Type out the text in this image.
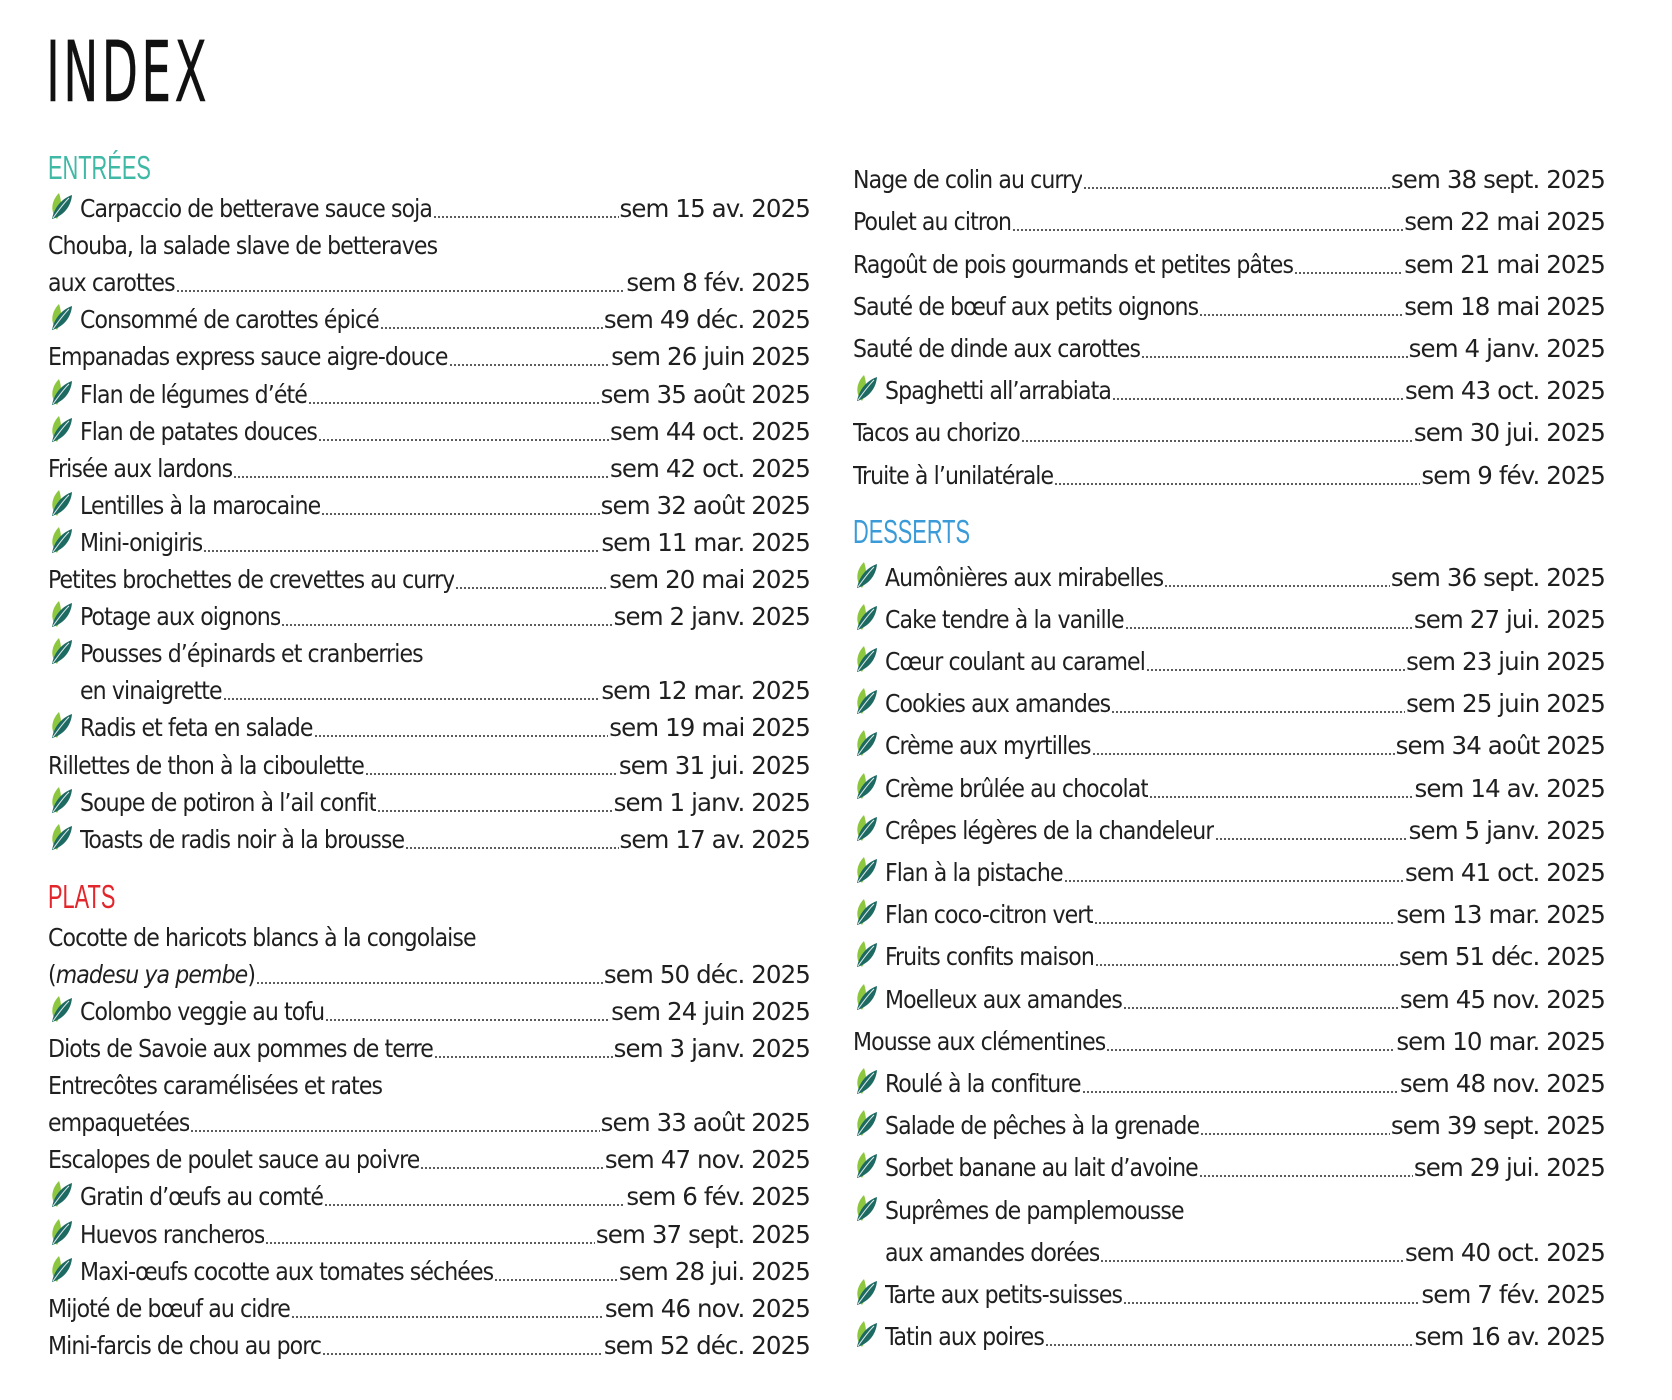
INDEX
ENTRÉES
Carpaccio de betterave sauce soja	sem 15 av. 2025
Chouba, la salade slave de betteraves
aux carottes	sem 8 fév. 2025
Consommé de carottes épicé	sem 49 déc. 2025
Empanadas express sauce aigre-douce	sem 26 juin 2025
Flan de légumes d’été	sem 35 août 2025
Flan de patates douces	sem 44 oct. 2025
Frisée aux lardons	sem 42 oct. 2025
Lentilles à la marocaine	sem 32 août 2025
Mini-onigiris	sem 11 mar. 2025
Petites brochettes de crevettes au curry	sem 20 mai 2025
Potage aux oignons	sem 2 janv. 2025
Pousses d’épinards et cranberries
en vinaigrette	sem 12 mar. 2025
Radis et feta en salade	sem 19 mai 2025
Rillettes de thon à la ciboulette	sem 31 jui. 2025
Soupe de potiron à l’ail confit	sem 1 janv. 2025
Toasts de radis noir à la brousse	sem 17 av. 2025
PLATS
Cocotte de haricots blancs à la congolaise
(madesu ya pembe)	sem 50 déc. 2025
Colombo veggie au tofu	sem 24 juin 2025
Diots de Savoie aux pommes de terre	sem 3 janv. 2025
Entrecôtes caramélisées et rates
empaquetées	sem 33 août 2025
Escalopes de poulet sauce au poivre	sem 47 nov. 2025
Gratin d’œufs au comté	sem 6 fév. 2025
Huevos rancheros	sem 37 sept. 2025
Maxi-œufs cocotte aux tomates séchées	sem 28 jui. 2025
Mijoté de bœuf au cidre	sem 46 nov. 2025
Mini-farcis de chou au porc	sem 52 déc. 2025
Nage de colin au curry	sem 38 sept. 2025
Poulet au citron	sem 22 mai 2025
Ragoût de pois gourmands et petites pâtes	sem 21 mai 2025
Sauté de bœuf aux petits oignons	sem 18 mai 2025
Sauté de dinde aux carottes	sem 4 janv. 2025
Spaghetti all’arrabiata	sem 43 oct. 2025
Tacos au chorizo	sem 30 jui. 2025
Truite à l’unilatérale	sem 9 fév. 2025
DESSERTS
Aumônières aux mirabelles	sem 36 sept. 2025
Cake tendre à la vanille	sem 27 jui. 2025
Cœur coulant au caramel	sem 23 juin 2025
Cookies aux amandes	sem 25 juin 2025
Crème aux myrtilles	sem 34 août 2025
Crème brûlée au chocolat	sem 14 av. 2025
Crêpes légères de la chandeleur	sem 5 janv. 2025
Flan à la pistache	sem 41 oct. 2025
Flan coco-citron vert	sem 13 mar. 2025
Fruits confits maison	sem 51 déc. 2025
Moelleux aux amandes	sem 45 nov. 2025
Mousse aux clémentines	sem 10 mar. 2025
Roulé à la confiture	sem 48 nov. 2025
Salade de pêches à la grenade	sem 39 sept. 2025
Sorbet banane au lait d’avoine	sem 29 jui. 2025
Suprêmes de pamplemousse
aux amandes dorées	sem 40 oct. 2025
Tarte aux petits-suisses	sem 7 fév. 2025
Tatin aux poires	sem 16 av. 2025
